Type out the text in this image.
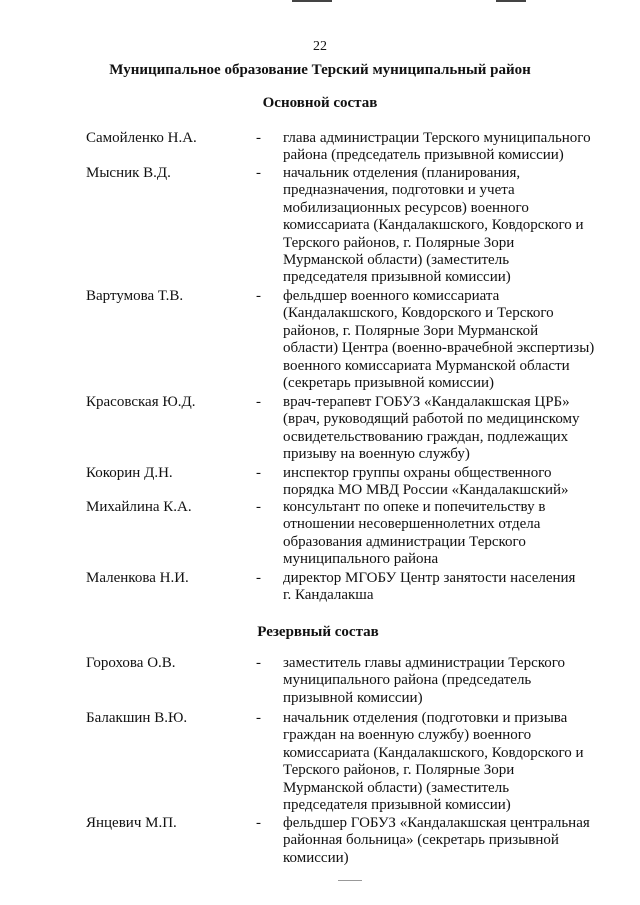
22
Муниципальное образование Терский муниципальный район
Основной состав
Самойленко Н.А.	- глава администрации Терского муниципального
района (председатель призывной комиссии)
Мысник В.Д.	- начальник отделения (планирования,
предназначения, подготовки и учета
мобилизационных ресурсов) военного
комиссариата (Кандалакшского, Ковдорского и
Терского районов, г. Полярные Зори
Мурманской области) (заместитель
председателя призывной комиссии)
Вартумова Т.В.	- фельдшер военного комиссариата
(Кандалакшского, Ковдорского и Терского
районов, г. Полярные Зори Мурманской
области) Центра (военно-врачебной экспертизы)
военного комиссариата Мурманской области
(секретарь призывной комиссии)
Красовская Ю.Д.	- врач-терапевт ГОБУЗ «Кандалакшская ЦРБ»
(врач, руководящий работой по медицинскому
освидетельствованию граждан, подлежащих
призыву на военную службу)
Кокорин Д.Н.	- инспектор группы охраны общественного
порядка МО МВД России «Кандалакшский»
Михайлина К.А.	- консультант по опеке и попечительству в
отношении несовершеннолетних отдела
образования администрации Терского
муниципального района
Маленкова Н.И.	- директор МГОБУ Центр занятости населения
г. Кандалакша
Резервный состав
Горохова О.В.	- заместитель главы администрации Терского
муниципального района (председатель
призывной комиссии)
Балакшин В.Ю.	- начальник отделения (подготовки и призыва
граждан на военную службу) военного
комиссариата (Кандалакшского, Ковдорского и
Терского районов, г. Полярные Зори
Мурманской области) (заместитель
председателя призывной комиссии)
Янцевич М.П.	- фельдшер ГОБУЗ «Кандалакшская центральная
районная больница» (секретарь призывной
комиссии)
